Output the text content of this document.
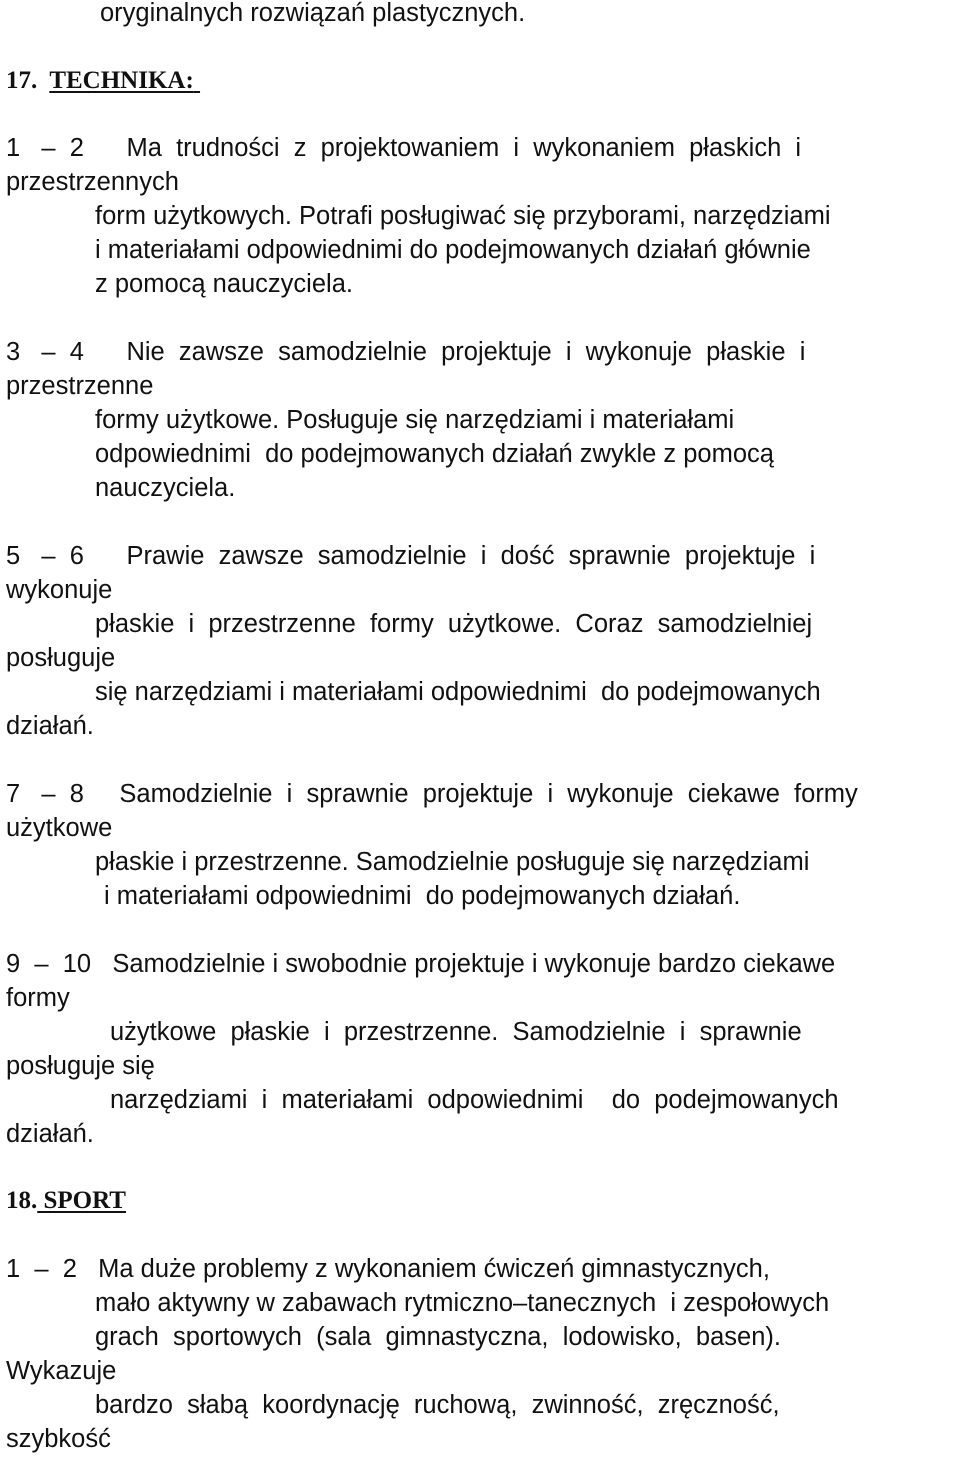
oryginalnych rozwiązań plastycznych.
17. TECHNIKA:
1   –  2      Ma  trudności  z  projektowaniem  i  wykonaniem  płaskich  i
przestrzennych
form użytkowych. Potrafi posługiwać się przyborami, narzędziami
i materiałami odpowiednimi do podejmowanych działań głównie
z pomocą nauczyciela.
3   –  4      Nie  zawsze  samodzielnie  projektuje  i  wykonuje  płaskie  i
przestrzenne
formy użytkowe. Posługuje się narzędziami i materiałami
odpowiednimi  do podejmowanych działań zwykle z pomocą
nauczyciela.
5   –  6      Prawie  zawsze  samodzielnie  i  dość  sprawnie  projektuje  i
wykonuje
płaskie  i  przestrzenne  formy  użytkowe.  Coraz  samodzielniej
posługuje
się narzędziami i materiałami odpowiednimi  do podejmowanych
działań.
7   –  8     Samodzielnie  i  sprawnie  projektuje  i  wykonuje  ciekawe  formy
użytkowe
płaskie i przestrzenne. Samodzielnie posługuje się narzędziami
i materiałami odpowiednimi  do podejmowanych działań.
9  –  10   Samodzielnie i swobodnie projektuje i wykonuje bardzo ciekawe
formy
użytkowe  płaskie  i  przestrzenne.  Samodzielnie  i  sprawnie
posługuje się
narzędziami  i  materiałami  odpowiednimi    do  podejmowanych
działań.
18. SPORT
1  –  2   Ma duże problemy z wykonaniem ćwiczeń gimnastycznych,
mało aktywny w zabawach rytmiczno–tanecznych  i zespołowych
grach  sportowych  (sala  gimnastyczna,  lodowisko,  basen).
Wykazuje
bardzo  słabą  koordynację  ruchową,  zwinność,  zręczność,
szybkość
